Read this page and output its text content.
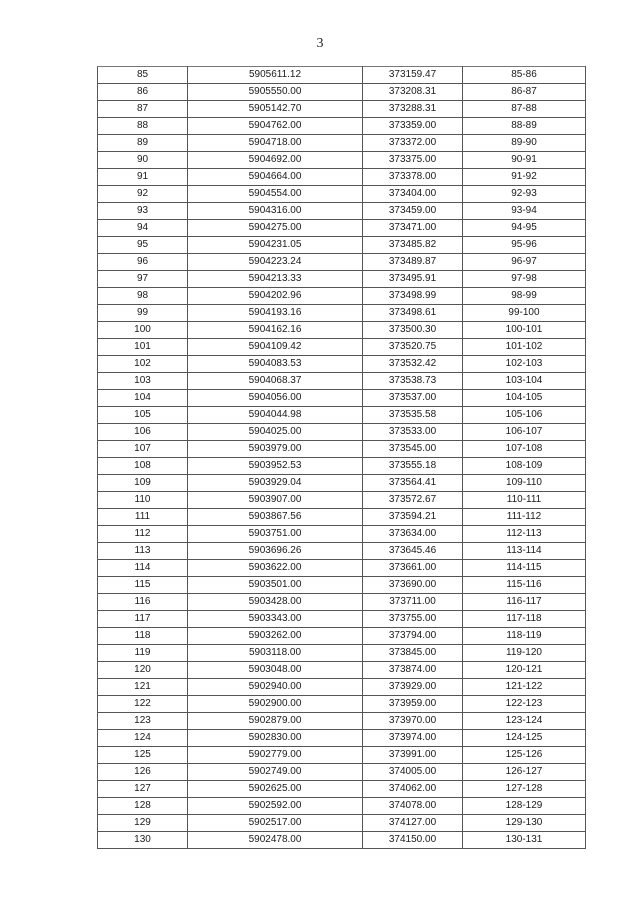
3
85	5905611.12	373159.47	85-86
86	5905550.00	373208.31	86-87
87	5905142.70	373288.31	87-88
88	5904762.00	373359.00	88-89
89	5904718.00	373372.00	89-90
90	5904692.00	373375.00	90-91
91	5904664.00	373378.00	91-92
92	5904554.00	373404.00	92-93
93	5904316.00	373459.00	93-94
94	5904275.00	373471.00	94-95
95	5904231.05	373485.82	95-96
96	5904223.24	373489.87	96-97
97	5904213.33	373495.91	97-98
98	5904202.96	373498.99	98-99
99	5904193.16	373498.61	99-100
100	5904162.16	373500.30	100-101
101	5904109.42	373520.75	101-102
102	5904083.53	373532.42	102-103
103	5904068.37	373538.73	103-104
104	5904056.00	373537.00	104-105
105	5904044.98	373535.58	105-106
106	5904025.00	373533.00	106-107
107	5903979.00	373545.00	107-108
108	5903952.53	373555.18	108-109
109	5903929.04	373564.41	109-110
110	5903907.00	373572.67	110-111
111	5903867.56	373594.21	111-112
112	5903751.00	373634.00	112-113
113	5903696.26	373645.46	113-114
114	5903622.00	373661.00	114-115
115	5903501.00	373690.00	115-116
116	5903428.00	373711.00	116-117
117	5903343.00	373755.00	117-118
118	5903262.00	373794.00	118-119
119	5903118.00	373845.00	119-120
120	5903048.00	373874.00	120-121
121	5902940.00	373929.00	121-122
122	5902900.00	373959.00	122-123
123	5902879.00	373970.00	123-124
124	5902830.00	373974.00	124-125
125	5902779.00	373991.00	125-126
126	5902749.00	374005.00	126-127
127	5902625.00	374062.00	127-128
128	5902592.00	374078.00	128-129
129	5902517.00	374127.00	129-130
130	5902478.00	374150.00	130-131
